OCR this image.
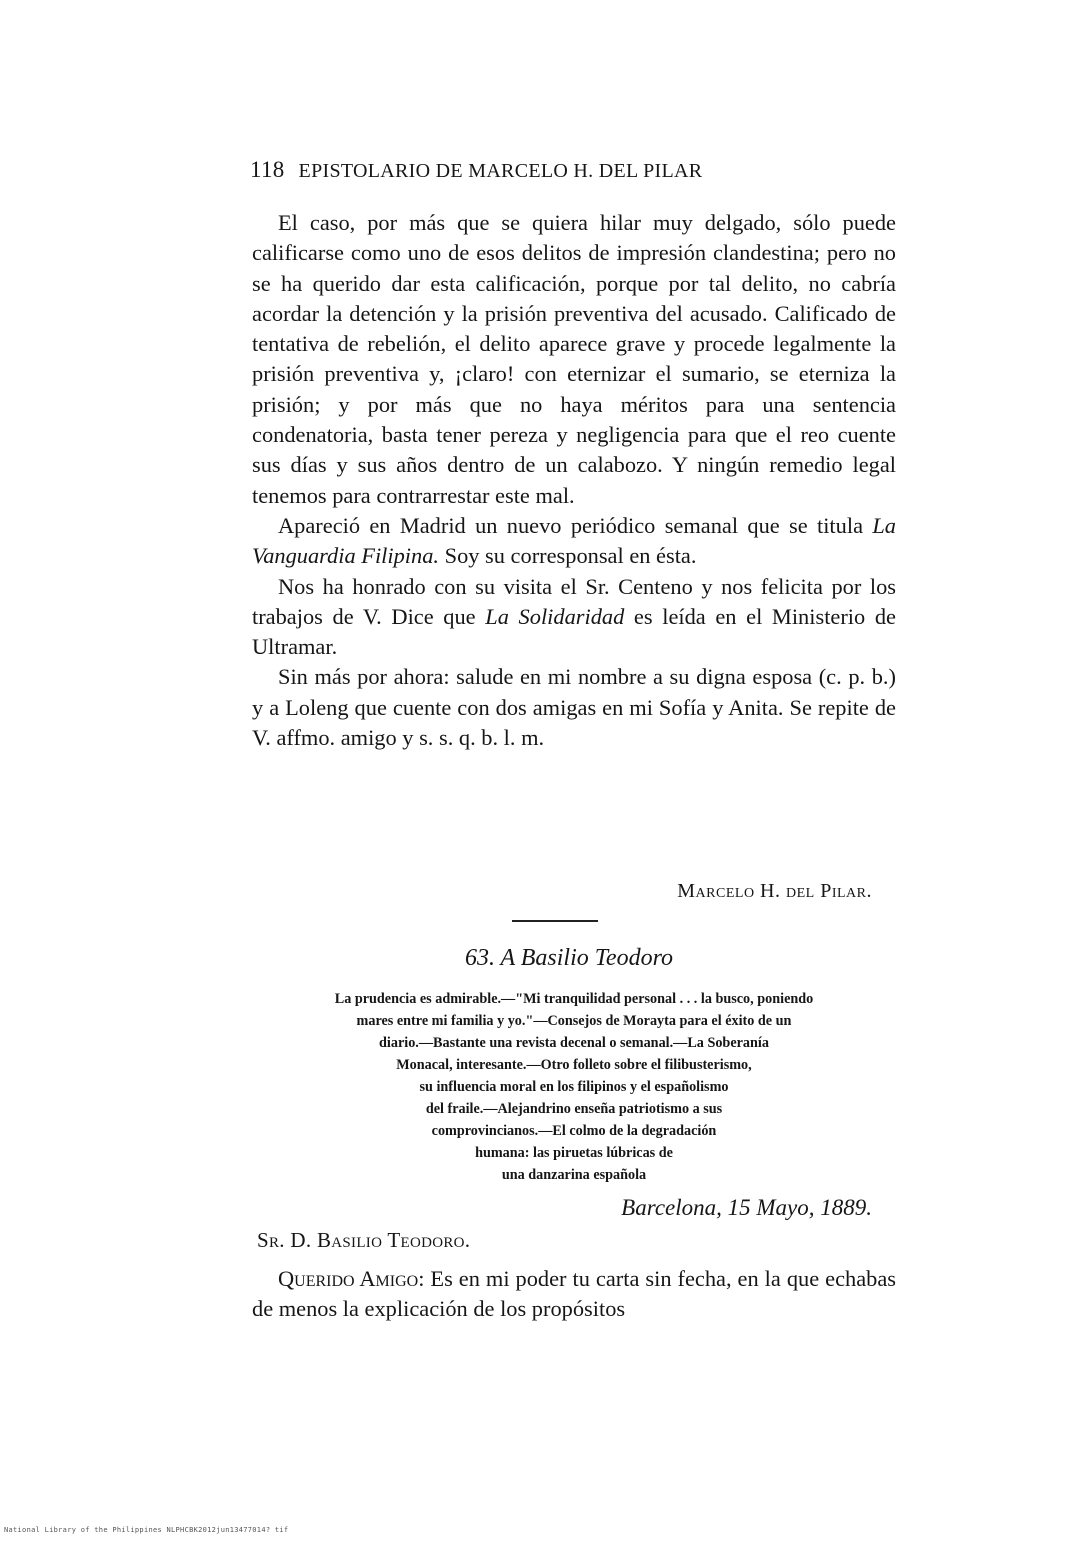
118 EPISTOLARIO DE MARCELO H. DEL PILAR

El caso, por más que se quiera hilar muy delgado, sólo puede calificarse como uno de esos delitos de impresión clandestina; pero no se ha querido dar esta calificación, porque por tal delito, no cabría acordar la detención y la prisión preventiva del acusado. Calificado de tentativa de rebelión, el delito aparece grave y procede legalmente la prisión preventiva y, ¡claro! con eternizar el sumario, se eterniza la prisión; y por más que no haya méritos para una sentencia condenatoria, basta tener pereza y negligencia para que el reo cuente sus días y sus años dentro de un calabozo. Y ningún remedio legal tenemos para contrarrestar este mal.

Apareció en Madrid un nuevo periódico semanal que se titula La Vanguardia Filipina. Soy su corresponsal en ésta.

Nos ha honrado con su visita el Sr. Centeno y nos felicita por los trabajos de V. Dice que La Solidaridad es leída en el Ministerio de Ultramar.

Sin más por ahora: salude en mi nombre a su digna esposa (c. p. b.) y a Loleng que cuente con dos amigas en mi Sofía y Anita. Se repite de V. affmo. amigo y s. s. q. b. l. m.

Marcelo H. del Pilar.
63. A Basilio Teodoro
La prudencia es admirable.—"Mi tranquilidad personal . . . la busco, poniendo
mares entre mi familia y yo."—Consejos de Morayta para el éxito de un
diario.—Bastante una revista decenal o semanal.—La Soberanía
Monacal, interesante.—Otro folleto sobre el filibusterismo,
su influencia moral en los filipinos y el españolismo
del fraile.—Alejandrino enseña patriotismo a sus
comprovincianos.—El colmo de la degradación
humana: las piruetas lúbricas de
una danzarina española
Barcelona, 15 Mayo, 1889.
Sr. D. Basilio Teodoro.

Querido Amigo: Es en mi poder tu carta sin fecha, en la que echabas de menos la explicación de los propósitos

National Library of the Philippines NLPHCBK2012jun13477014? tif
